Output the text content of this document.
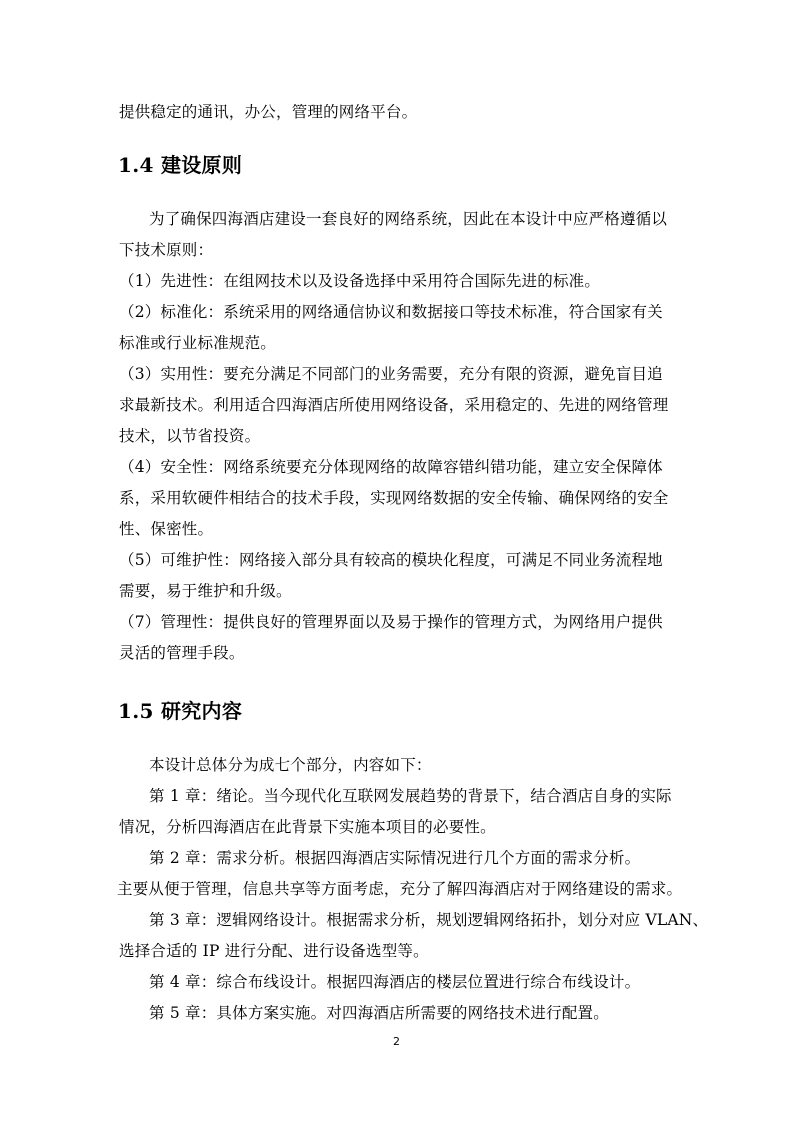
提供稳定的通讯，办公，管理的网络平台。
1.4 建设原则
为了确保四海酒店建设一套良好的网络系统，因此在本设计中应严格遵循以
下技术原则：
（1）先进性：在组网技术以及设备选择中采用符合国际先进的标准。
（2）标准化：系统采用的网络通信协议和数据接口等技术标准，符合国家有关
标准或行业标准规范。
（3）实用性：要充分满足不同部门的业务需要，充分有限的资源，避免盲目追
求最新技术。利用适合四海酒店所使用网络设备，采用稳定的、先进的网络管理
技术，以节省投资。
（4）安全性：网络系统要充分体现网络的故障容错纠错功能，建立安全保障体
系，采用软硬件相结合的技术手段，实现网络数据的安全传输、确保网络的安全
性、保密性。
（5）可维护性：网络接入部分具有较高的模块化程度，可满足不同业务流程地
需要，易于维护和升级。
（7）管理性：提供良好的管理界面以及易于操作的管理方式，为网络用户提供
灵活的管理手段。
1.5 研究内容
本设计总体分为成七个部分，内容如下：
第 1 章：绪论。当今现代化互联网发展趋势的背景下，结合酒店自身的实际
情况，分析四海酒店在此背景下实施本项目的必要性。
第 2 章：需求分析。根据四海酒店实际情况进行几个方面的需求分析。
主要从便于管理，信息共享等方面考虑，充分了解四海酒店对于网络建设的需求。
第 3 章：逻辑网络设计。根据需求分析，规划逻辑网络拓扑，划分对应 VLAN、
选择合适的 IP 进行分配、进行设备选型等。
第 4 章：综合布线设计。根据四海酒店的楼层位置进行综合布线设计。
第 5 章：具体方案实施。对四海酒店所需要的网络技术进行配置。
2
